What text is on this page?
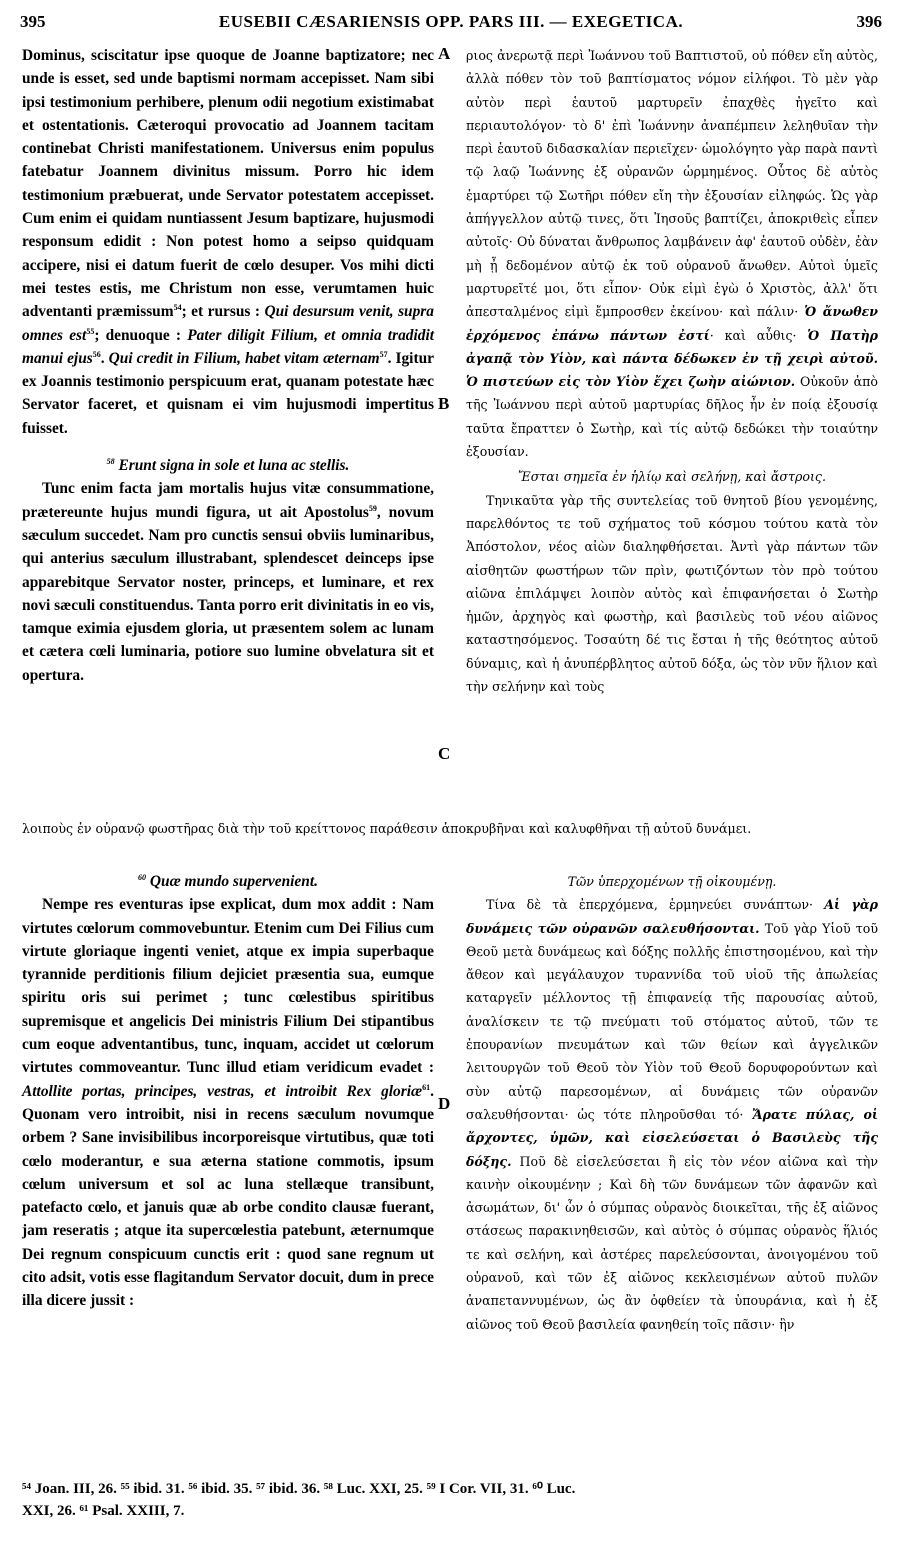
395	EUSEBII CÆSARIENSIS OPP. PARS III. — EXEGETICA.	396
A
B
C
D

Dominus, sciscitatur ipse quoque de Joanne baptizatore; nec unde is esset, sed unde baptismi normam accepisset. Nam sibi ipsi testimonium perhibere, plenum odii negotium existimabat et ostentationis. Cæteroqui provocatio ad Joannem tacitam continebat Christi manifestationem. Universus enim populus fatebatur Joannem divinitus missum. Porro hic idem testimonium præbuerat, unde Servator potestatem accepisset. Cum enim ei quidam nuntiassent Jesum baptizare, hujusmodi responsum edidit : Non potest homo a seipso quidquam accipere, nisi ei datum fuerit de cœlo desuper. Vos mihi dicti mei testes estis, me Christum non esse, verumtamen huic adventanti præmissum$^{54}$; et rursus : Qui desursum venit, supra omnes est$^{55}$; denuoque : Pater diligit Filium, et omnia tradidit manui ejus$^{56}$. Qui credit in Filium, habet vitam æternam$^{57}$. Igitur ex Joannis testimonio perspicuum erat, quanam potestate hæc Servator faceret, et quisnam ei vim hujusmodi impertitus fuisset.

$^{58}$ Erunt signa in sole et luna ac stellis.

Tunc enim facta jam mortalis hujus vitæ consummatione, prætereunte hujus mundi figura, ut ait Apostolus$^{59}$, novum sæculum succedet. Nam pro cunctis sensui obviis luminaribus, qui anterius sæculum illustrabant, splendescet deinceps ipse apparebitque Servator noster, princeps, et luminare, et rex novi sæculi constituendus. Tanta porro erit divinitatis in eo vis, tamque eximia ejusdem gloria, ut præsentem solem ac lunam et cætera cœli luminaria, potiore suo lumine obvelatura sit et opertura.

ριος ἀνερωτᾷ περὶ Ἰωάννου τοῦ Βαπτιστοῦ, οὐ πόθεν εἴη αὐτὸς, ἀλλὰ πόθεν τὸν τοῦ βαπτίσματος νόμον εἰλήφοι. Τὸ μὲν γὰρ αὐτὸν περὶ ἑαυτοῦ μαρτυρεῖν ἐπαχθὲς ἡγεῖτο καὶ περιαυτολόγον· τὸ δ' ἐπὶ Ἰωάννην ἀναπέμπειν λεληθυῖαν τὴν περὶ ἑαυτοῦ διδασκαλίαν περιεῖχεν· ὡμολόγητο γὰρ παρὰ παντὶ τῷ λαῷ Ἰωάννης ἐξ οὐρανῶν ὡρμημένος. Οὗτος δὲ αὐτὸς ἐμαρτύρει τῷ Σωτῆρι πόθεν εἴη τὴν ἐξουσίαν εἰληφώς. Ὡς γὰρ ἀπήγγελλον αὐτῷ τινες, ὅτι Ἰησοῦς βαπτίζει, ἀποκριθεὶς εἶπεν αὐτοῖς· Οὐ δύναται ἄνθρωπος λαμβάνειν ἀφ' ἑαυτοῦ οὐδὲν, ἐὰν μὴ ᾖ δεδομένον αὐτῷ ἐκ τοῦ οὐρανοῦ ἄνωθεν. Αὐτοὶ ὑμεῖς μαρτυρεῖτέ μοι, ὅτι εἶπον· Οὐκ εἰμὶ ἐγὼ ὁ Χριστὸς, ἀλλ' ὅτι ἀπεσταλμένος εἰμὶ ἔμπροσθεν ἐκείνου· καὶ πάλιν· Ὁ ἄνωθεν ἐρχόμενος ἐπάνω πάντων ἐστί· καὶ αὖθις· Ὁ Πατὴρ ἀγαπᾷ τὸν Υἱὸν, καὶ πάντα δέδωκεν ἐν τῇ χειρὶ αὐτοῦ. Ὁ πιστεύων εἰς τὸν Υἱὸν ἔχει ζωὴν αἰώνιον. Οὐκοῦν ἀπὸ τῆς Ἰωάννου περὶ αὐτοῦ μαρτυρίας δῆλος ἦν ἐν ποίᾳ ἐξουσίᾳ ταῦτα ἔπραττεν ὁ Σωτὴρ, καὶ τίς αὐτῷ δεδώκει τὴν τοιαύτην ἐξουσίαν.

Ἔσται σημεῖα ἐν ἡλίῳ καὶ σελήνῃ, καὶ ἄστροις.

Τηνικαῦτα γὰρ τῆς συντελείας τοῦ θνητοῦ βίου γενομένης, παρελθόντος τε τοῦ σχήματος τοῦ κόσμου τούτου κατὰ τὸν Ἀπόστολον, νέος αἰὼν διαληφθήσεται. Ἀντὶ γὰρ πάντων τῶν αἰσθητῶν φωστήρων τῶν πρὶν, φωτιζόντων τὸν πρὸ τούτου αἰῶνα ἐπιλάμψει λοιπὸν αὐτὸς καὶ ἐπιφανήσεται ὁ Σωτὴρ ἡμῶν, ἀρχηγὸς καὶ φωστὴρ, καὶ βασιλεὺς τοῦ νέου αἰῶνος καταστησόμενος. Τοσαύτη δέ τις ἔσται ἡ τῆς θεότητος αὐτοῦ δύναμις, καὶ ἡ ἀνυπέρβλητος αὐτοῦ δόξα, ὡς τὸν νῦν ἥλιον καὶ τὴν σελήνην καὶ τοὺς

λοιποὺς ἐν οὐρανῷ φωστῆρας διὰ τὴν τοῦ κρείττονος παράθεσιν ἀποκρυβῆναι καὶ καλυφθῆναι τῇ αὐτοῦ δυνάμει.

$^{60}$ Quæ mundo supervenient.

Nempe res eventuras ipse explicat, dum mox addit : Nam virtutes cœlorum commovebuntur. Etenim cum Dei Filius cum virtute gloriaque ingenti veniet, atque ex impia superbaque tyrannide perditionis filium dejiciet præsentia sua, eumque spiritu oris sui perimet ; tunc cœlestibus spiritibus supremisque et angelicis Dei ministris Filium Dei stipantibus cum eoque adventantibus, tunc, inquam, accidet ut cœlorum virtutes commoveantur. Tunc illud etiam veridicum evadet : Attollite portas, principes, vestras, et introibit Rex gloriæ$^{61}$. Quonam vero introibit, nisi in recens sæculum novumque orbem ? Sane invisibilibus incorporeisque virtutibus, quæ toti cœlo moderantur, e sua æterna statione commotis, ipsum cœlum universum et sol ac luna stellæque transibunt, patefacto cœlo, et januis quæ ab orbe condito clausæ fuerant, jam reseratis ; atque ita supercœlestia patebunt, æternumque Dei regnum conspicuum cunctis erit : quod sane regnum ut cito adsit, votis esse flagitandum Servator docuit, dum in prece illa dicere jussit :

Τῶν ὑπερχομένων τῇ οἰκουμένῃ.

Τίνα δὲ τὰ ἐπερχόμενα, ἑρμηνεύει συνάπτων· Αἱ γὰρ δυνάμεις τῶν οὐρανῶν σαλευθήσονται. Τοῦ γὰρ Υἱοῦ τοῦ Θεοῦ μετὰ δυνάμεως καὶ δόξης πολλῆς ἐπιστησομένου, καὶ τὴν ἄθεον καὶ μεγάλαυχον τυραννίδα τοῦ υἱοῦ τῆς ἀπωλείας καταργεῖν μέλλοντος τῇ ἐπιφανείᾳ τῆς παρουσίας αὐτοῦ, ἀναλίσκειν τε τῷ πνεύματι τοῦ στόματος αὐτοῦ, τῶν τε ἐπουρανίων πνευμάτων καὶ τῶν θείων καὶ ἀγγελικῶν λειτουργῶν τοῦ Θεοῦ τὸν Υἱὸν τοῦ Θεοῦ δορυφορούντων καὶ σὺν αὐτῷ παρεσομένων, αἱ δυνάμεις τῶν οὐρανῶν σαλευθήσονται· ὡς τότε πληροῦσθαι τό· Ἄρατε πύλας, οἱ ἄρχοντες, ὑμῶν, καὶ εἰσελεύσεται ὁ Βασιλεὺς τῆς δόξης. Ποῦ δὲ εἰσελεύσεται ἢ εἰς τὸν νέον αἰῶνα καὶ τὴν καινὴν οἰκουμένην ; Καὶ δὴ τῶν δυνάμεων τῶν ἀφανῶν καὶ ἀσωμάτων, δι' ὧν ὁ σύμπας οὐρανὸς διοικεῖται, τῆς ἐξ αἰῶνος στάσεως παρακινηθεισῶν, καὶ αὐτὸς ὁ σύμπας οὐρανὸς ἥλιός τε καὶ σελήνη, καὶ ἀστέρες παρελεύσονται, ἀνοιγομένου τοῦ οὐρανοῦ, καὶ τῶν ἐξ αἰῶνος κεκλεισμένων αὐτοῦ πυλῶν ἀναπεταννυμένων, ὡς ἂν ὀφθείεν τὰ ὑπουράνια, καὶ ἡ ἐξ αἰῶνος τοῦ Θεοῦ βασιλεία φανηθείη τοῖς πᾶσιν· ἣν

⁵⁴ Joan. III, 26. ⁵⁵ ibid. 31. ⁵⁶ ibid. 35. ⁵⁷ ibid. 36. ⁵⁸ Luc. XXI, 25. ⁵⁹ I Cor. VII, 31. ⁶⁰ Luc.

XXI, 26. ⁶¹ Psal. XXIII, 7.
